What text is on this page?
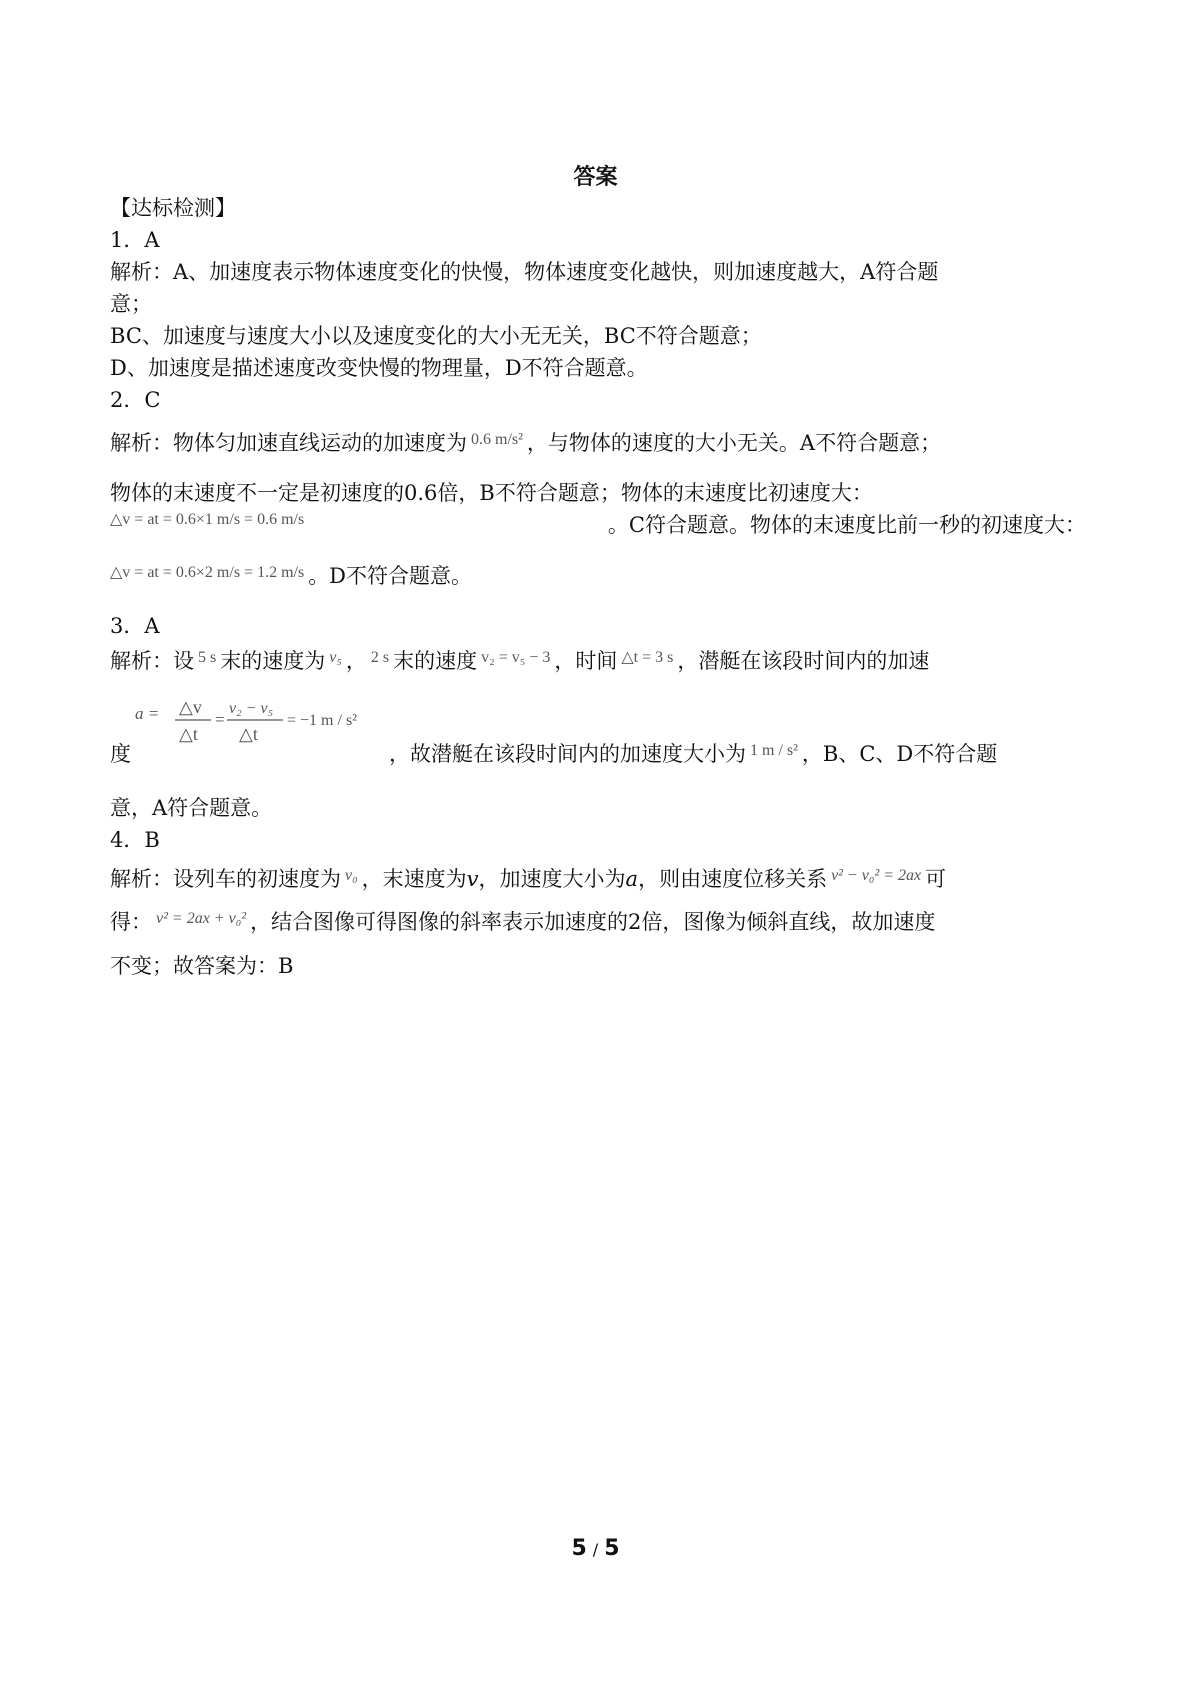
答案
【达标检测】
1．A
解析：A、加速度表示物体速度变化的快慢，物体速度变化越快，则加速度越大，A符合题
意；
BC、加速度与速度大小以及速度变化的大小无无关，BC不符合题意；
D、加速度是描述速度改变快慢的物理量，D不符合题意。
2．C
解析：物体匀加速直线运动的加速度为 $^{0.6 m/s^2}$ ，与物体的速度的大小无关。A不符合题意；
物体的末速度不一定是初速度的0.6倍，B不符合题意；物体的末速度比初速度大：
△v = at = 0.6×1 m/s = 0.6 m/s	。C符合题意。物体的末速度比前一秒的初速度大：
$^{\triangle v = at = 0.6\times 2 m/s = 1.2 m/s}$ 。D不符合题意。
3．A
解析：设 $^{5 s}$ 末的速度为 $^{v_5}$ ， $^{2 s}$ 末的速度 $^{v_2 = v_5 - 3}$ ，时间 $^{\triangle t = 3 s}$ ，潜艇在该段时间内的加速
度
a = △v
△t
=
v₂ − v₅
△t
= −1 m / s²
，故潜艇在该段时间内的加速度大小为 $^{1 m / s^2}$ ，B、C、D不符合题
意，A符合题意。
4．B
解析：设列车的初速度为 $^{v_0}$ ，末速度为v，加速度大小为a，则由速度位移关系 $^{v^2 - v_0^2 = 2ax}$ 可
得： $^{v^2 = 2ax + v_0^2}$ ，结合图像可得图像的斜率表示加速度的2倍，图像为倾斜直线，故加速度
不变；故答案为：B
5 / 5
